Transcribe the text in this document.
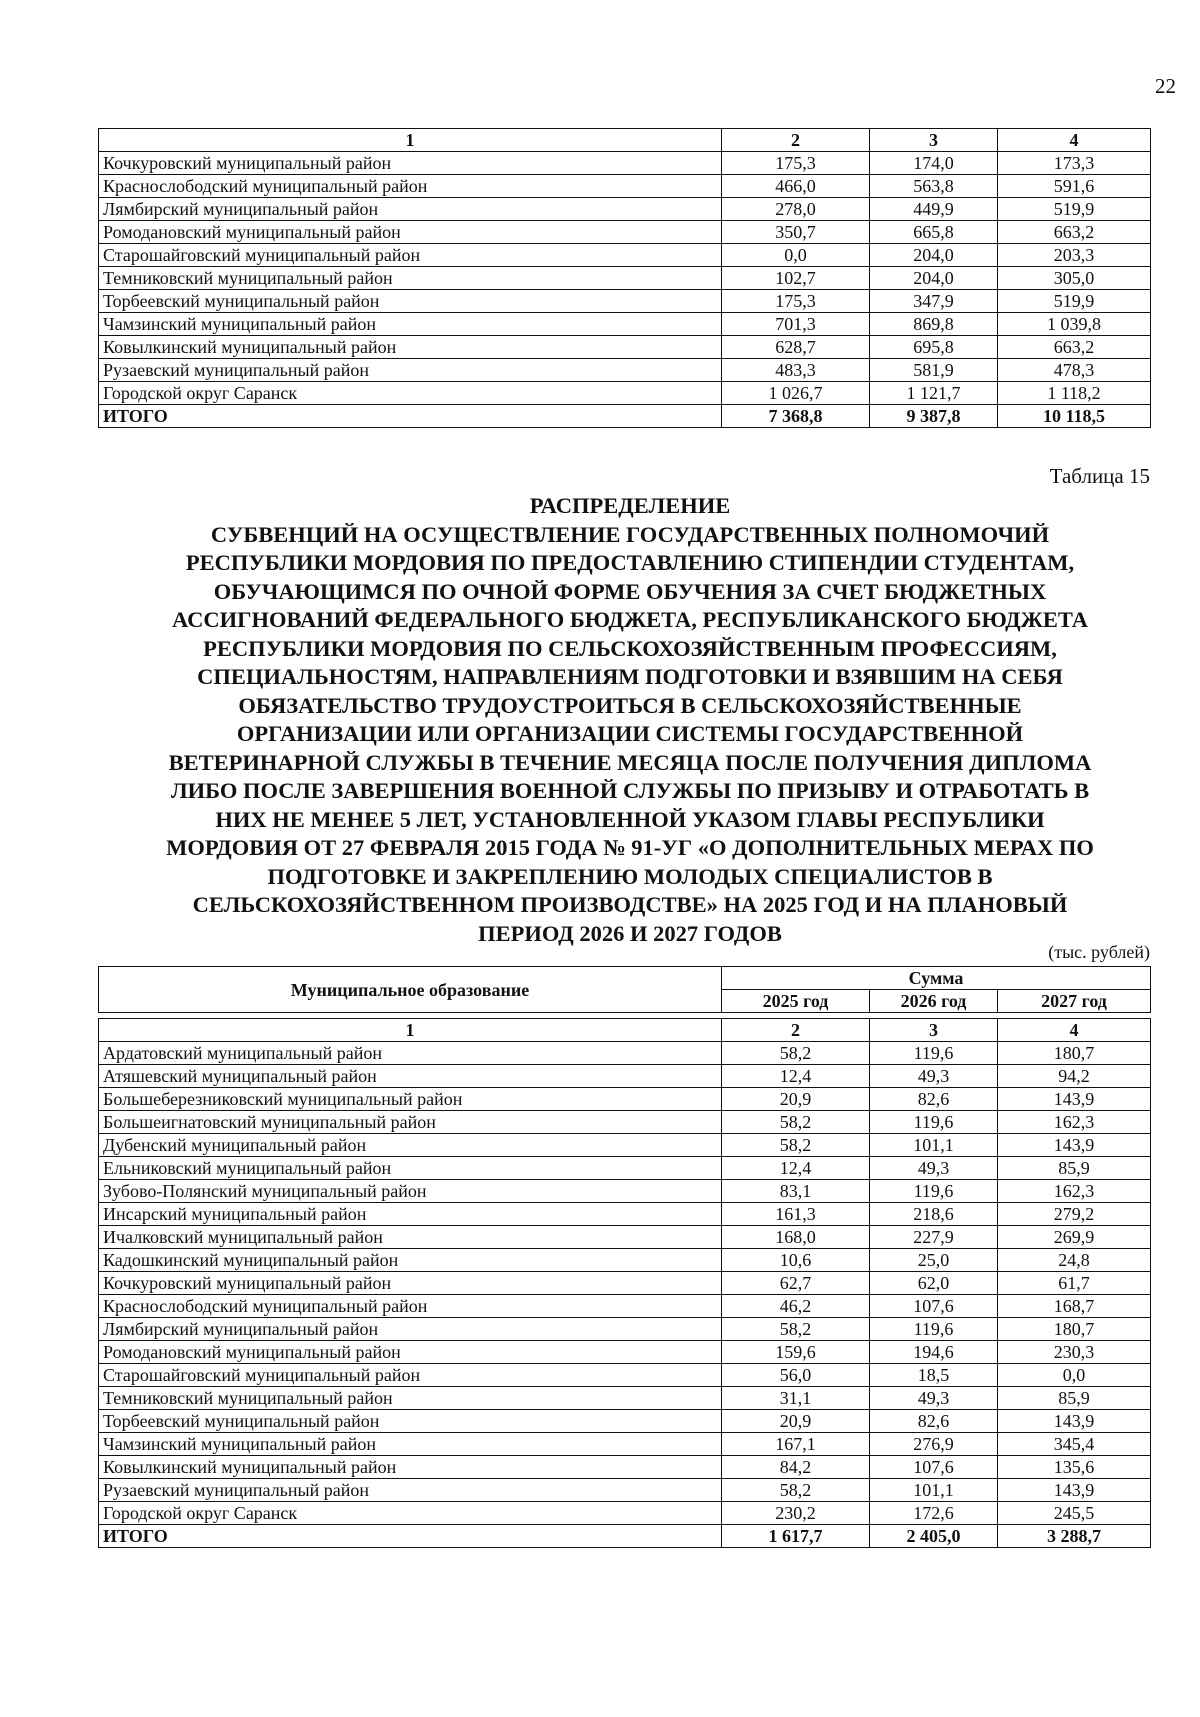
22
1	2	3	4
Кочкуровский муниципальный район	175,3	174,0	173,3
Краснослободский муниципальный район	466,0	563,8	591,6
Лямбирский муниципальный район	278,0	449,9	519,9
Ромодановский муниципальный район	350,7	665,8	663,2
Старошайговский муниципальный район	0,0	204,0	203,3
Темниковский муниципальный район	102,7	204,0	305,0
Торбеевский муниципальный район	175,3	347,9	519,9
Чамзинский муниципальный район	701,3	869,8	1 039,8
Ковылкинский муниципальный район	628,7	695,8	663,2
Рузаевский муниципальный район	483,3	581,9	478,3
Городской округ Саранск	1 026,7	1 121,7	1 118,2
ИТОГО	7 368,8	9 387,8	10 118,5
Таблица 15
РАСПРЕДЕЛЕНИЕ
СУБВЕНЦИЙ НА ОСУЩЕСТВЛЕНИЕ ГОСУДАРСТВЕННЫХ ПОЛНОМОЧИЙ
РЕСПУБЛИКИ МОРДОВИЯ ПО ПРЕДОСТАВЛЕНИЮ СТИПЕНДИИ СТУДЕНТАМ,
ОБУЧАЮЩИМСЯ ПО ОЧНОЙ ФОРМЕ ОБУЧЕНИЯ ЗА СЧЕТ БЮДЖЕТНЫХ
АССИГНОВАНИЙ ФЕДЕРАЛЬНОГО БЮДЖЕТА, РЕСПУБЛИКАНСКОГО БЮДЖЕТА
РЕСПУБЛИКИ МОРДОВИЯ ПО СЕЛЬСКОХОЗЯЙСТВЕННЫМ ПРОФЕССИЯМ,
СПЕЦИАЛЬНОСТЯМ, НАПРАВЛЕНИЯМ ПОДГОТОВКИ И ВЗЯВШИМ НА СЕБЯ
ОБЯЗАТЕЛЬСТВО ТРУДОУСТРОИТЬСЯ В СЕЛЬСКОХОЗЯЙСТВЕННЫЕ
ОРГАНИЗАЦИИ ИЛИ ОРГАНИЗАЦИИ СИСТЕМЫ ГОСУДАРСТВЕННОЙ
ВЕТЕРИНАРНОЙ СЛУЖБЫ В ТЕЧЕНИЕ МЕСЯЦА ПОСЛЕ ПОЛУЧЕНИЯ ДИПЛОМА
ЛИБО ПОСЛЕ ЗАВЕРШЕНИЯ ВОЕННОЙ СЛУЖБЫ ПО ПРИЗЫВУ И ОТРАБОТАТЬ В
НИХ НЕ МЕНЕЕ 5 ЛЕТ, УСТАНОВЛЕННОЙ УКАЗОМ ГЛАВЫ РЕСПУБЛИКИ
МОРДОВИЯ ОТ 27 ФЕВРАЛЯ 2015 ГОДА № 91-УГ «О ДОПОЛНИТЕЛЬНЫХ МЕРАХ ПО
ПОДГОТОВКЕ И ЗАКРЕПЛЕНИЮ МОЛОДЫХ СПЕЦИАЛИСТОВ В
СЕЛЬСКОХОЗЯЙСТВЕННОМ ПРОИЗВОДСТВЕ» НА 2025 ГОД И НА ПЛАНОВЫЙ
ПЕРИОД 2026 И 2027 ГОДОВ
(тыс. рублей)
Муниципальное образование	Сумма		
	2025 год	2026 год	2027 год
1	2	3	4
Ардатовский муниципальный район	58,2	119,6	180,7
Атяшевский муниципальный район	12,4	49,3	94,2
Большеберезниковский муниципальный район	20,9	82,6	143,9
Большеигнатовский муниципальный район	58,2	119,6	162,3
Дубенский муниципальный район	58,2	101,1	143,9
Ельниковский муниципальный район	12,4	49,3	85,9
Зубово-Полянский муниципальный район	83,1	119,6	162,3
Инсарский муниципальный район	161,3	218,6	279,2
Ичалковский муниципальный район	168,0	227,9	269,9
Кадошкинский муниципальный район	10,6	25,0	24,8
Кочкуровский муниципальный район	62,7	62,0	61,7
Краснослободский муниципальный район	46,2	107,6	168,7
Лямбирский муниципальный район	58,2	119,6	180,7
Ромодановский муниципальный район	159,6	194,6	230,3
Старошайговский муниципальный район	56,0	18,5	0,0
Темниковский муниципальный район	31,1	49,3	85,9
Торбеевский муниципальный район	20,9	82,6	143,9
Чамзинский муниципальный район	167,1	276,9	345,4
Ковылкинский муниципальный район	84,2	107,6	135,6
Рузаевский муниципальный район	58,2	101,1	143,9
Городской округ Саранск	230,2	172,6	245,5
ИТОГО	1 617,7	2 405,0	3 288,7
